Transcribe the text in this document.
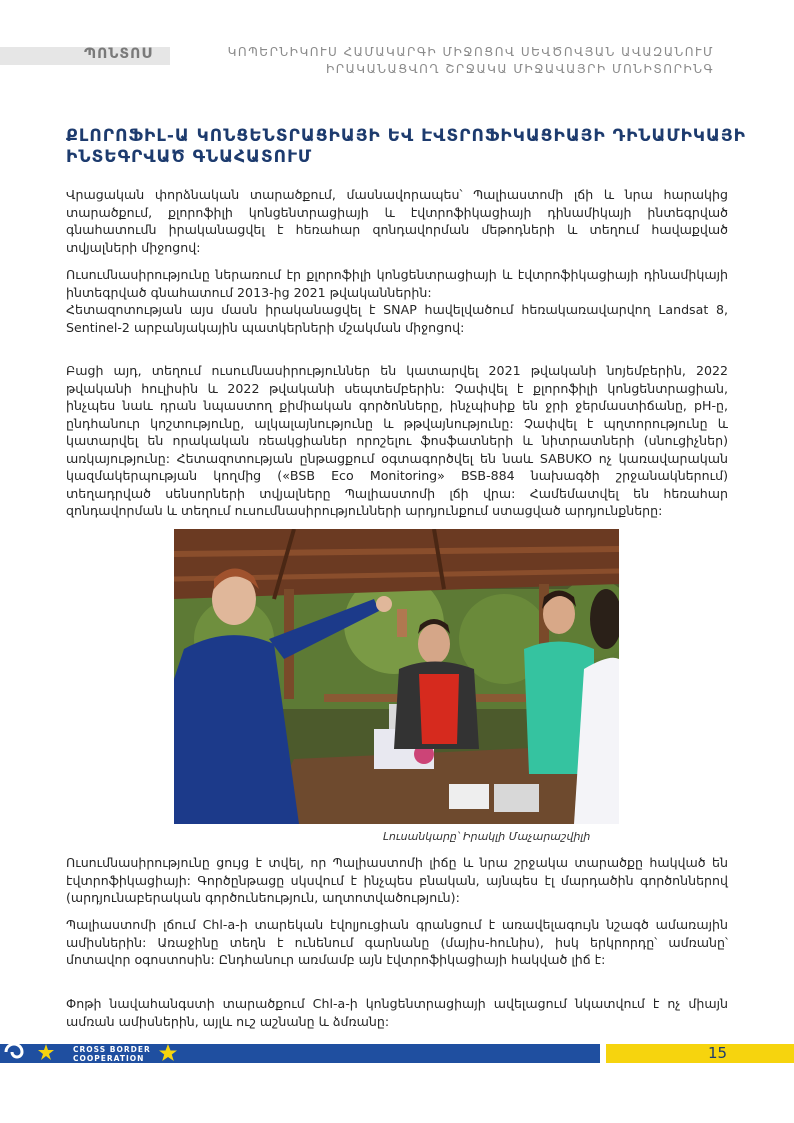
ՊՈՆՏՈՍ	ԿՈՊԵՐՆԻԿՈՒՍ ՀԱՄԱԿԱՐԳԻ ՄԻՋՈՑՈՎ ՍԵՎԾՈՎՅԱՆ ԱՎԱԶԱՆՈՒՄ
ԻՐԱԿԱՆԱՑՎՈՂ ՇՐՋԱԿԱ ՄԻՋԱՎԱՅՐԻ ՄՈՆԻՏՈՐԻՆԳ
ՔԼՈՐՈՖԻԼ-Ա ԿՈՆՑԵՆՏՐԱՑԻԱՅԻ ԵՎ ԷՎՏՐՈՖԻԿԱՑԻԱՅԻ ԴԻՆԱՄԻԿԱՅԻ ԻՆՏԵԳՐՎԱԾ ԳՆԱՀԱՏՈՒՄ

Վրացական փորձնական տարածքում, մասնավորապես՝ Պալիաստոմի լճի և նրա հարակից տարածքում, քլորոֆիլի կոնցենտրացիայի և էվտրոֆիկացիայի դինամիկայի ինտեգրված գնահատումն իրականացվել է հեռահար զոնդավորման մեթոդների և տեղում հավաքված տվյալների միջոցով:

Ուսումնասիրությունը ներառում էր քլորոֆիլի կոնցենտրացիայի և էվտրոֆիկացիայի դինամիկայի ինտեգրված գնահատում 2013-ից 2021 թվականներին:
Հետազոտության այս մասն իրականացվել է SNAP հավելվածում հեռակառավարվող Landsat 8, Sentinel-2 արբանյակային պատկերների մշակման միջոցով:

Բացի այդ, տեղում ուսումնասիրություններ են կատարվել 2021 թվականի նոյեմբերին, 2022 թվականի հուլիսին և 2022 թվականի սեպտեմբերին: Չափվել է քլորոֆիլի կոնցենտրացիան, ինչպես նաև դրան նպաստող քիմիական գործոնները, ինչպիսիք են ջրի ջերմաստիճանը, pH-ը, ընդհանուր կոշտությունը, ալկալայնությունը և թթվայնությունը: Չափվել է պղտորությունը և կատարվել են որակական ռեակցիաներ որոշելու ֆոսֆատների և նիտրատների (սնուցիչներ) առկայությունը: Հետազոտության ընթացքում օգտագործվել են նաև SABUKO ոչ կառավարական կազմակերպության կողմից («BSB Eco Monitoring» BSB-884 նախագծի շրջանակներում) տեղադրված սենսորների տվյալները Պալիաստոմի լճի վրա: Համեմատվել են հեռահար զոնդավորման և տեղում ուսումնասիրությունների արդյունքում ստացված արդյունքները:

Լուսանկարը՝ Իրակլի Մաչարաշվիլի

Ուսումնասիրությունը ցույց է տվել, որ Պալիաստոմի լիճը և նրա շրջակա տարածքը հակված են էվտրոֆիկացիայի: Գործընթացը սկսվում է ինչպես բնական, այնպես էլ մարդածին գործոններով (արդյունաբերական գործունեություն, աղտոտվածություն):

Պալիաստոմի լճում Chl-a-ի տարեկան էվոլյուցիան գրանցում է առավելագույն նշագծ ամառային ամիսներին: Առաջինը տեղն է ունենում գարնանը (մայիս-հունիս), իսկ երկրորդը՝ ամռանը՝ մոտավոր օգոստոսին: Ընդհանուր առմամբ այն էվտրոֆիկացիայի հակված լիճ է:

Փոթի նավահանգստի տարածքում Chl-a-ի կոնցենտրացիայի ավելացում նկատվում է ոչ միայն ամռան ամիսներին, այլև ուշ աշնանը և ձմռանը:

CROSS BORDER
COOPERATION	15
